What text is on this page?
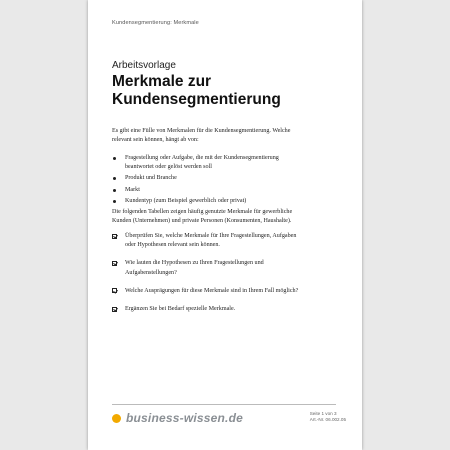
Kundensegmentierung: Merkmale
Arbeitsvorlage
Merkmale zur
Kundensegmentierung
Es gibt eine Fülle von Merkmalen für die Kundensegmentierung. Welche
relevant sein können, hängt ab von:
Fragestellung oder Aufgabe, die mit der Kundensegmentierung
beantwortet oder gelöst werden soll
Produkt und Branche
Markt
Kundentyp (zum Beispiel gewerblich oder privat)
Die folgenden Tabellen zeigen häufig genutzte Merkmale für gewerbliche
Kunden (Unternehmen) und private Personen (Konsumenten, Haushalte).
Überprüfen Sie, welche Merkmale für Ihre Fragestellungen, Aufgaben
oder Hypothesen relevant sein können.
Wie lauten die Hypothesen zu Ihren Fragestellungen und
Aufgabenstellungen?
Welche Ausprägungen für diese Merkmale sind in Ihrem Fall möglich?
Ergänzen Sie bei Bedarf spezielle Merkmale.
business-wissen.de	Seite 1 von 3
Art.-Nr. 06.002.05
